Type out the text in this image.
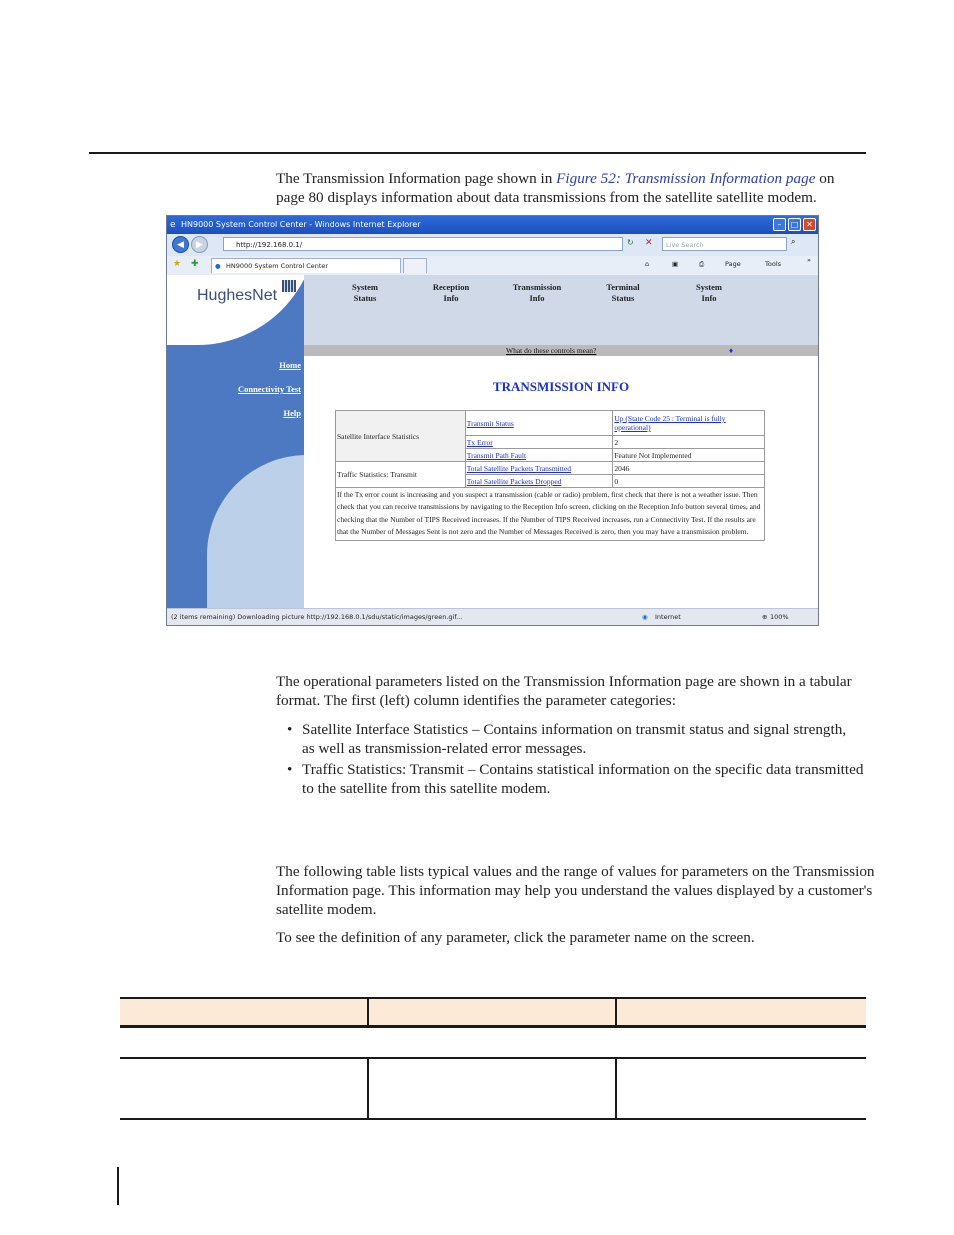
The Transmission Information page shown in Figure 52: Transmission Information page on
page 80 displays information about data transmissions from the satellite satellite modem.
e HN9000 System Control Center - Windows Internet Explorer	–	□ ✕
◀	▶	http://192.168.0.1/	↻ ✕	Live Search	⌕
★ ✚	● HN9000 System Control Center	⌂	▣	⎙	Page	Tools	»
HughesNet	System
Status
Reception
Info
Transmission
Info
Terminal
Status
System
Info
What do these controls mean?	♦
Home
Connectivity Test
Help
TRANSMISSION INFO
Satellite Interface Statistics	Transmit Status	Up (State Code 25 : Terminal is fully operational)
	Tx Error	2
	Transmit Path Fault	Feature Not Implemented
Traffic Statistics: Transmit	Total Satellite Packets Transmitted	2046
	Total Satellite Packets Dropped	0
If the Tx error count is increasing and you suspect a transmission (cable or radio) problem, first check that there is not a weather issue. Then check that you can receive transmissions by navigating to the Reception Info screen, clicking on the Reception Info button several times, and checking that the Number of TIPS Received increases. If the Number of TIPS Received increases, run a Connectivity Test. If the results are that the Number of Messages Sent is not zero and the Number of Messages Received is zero, then you may have a transmission problem.		
(2 items remaining) Downloading picture http://192.168.0.1/sdu/static/images/green.gif...	◉ Internet	⊕ 100%
The operational parameters listed on the Transmission Information page are shown in a tabular
format. The first (left) column identifies the parameter categories:
• Satellite Interface Statistics – Contains information on transmit status and signal strength,
as well as transmission-related error messages.
• Traffic Statistics: Transmit – Contains statistical information on the specific data transmitted
to the satellite from this satellite modem.
The following table lists typical values and the range of values for parameters on the Transmission
Information page. This information may help you understand the values displayed by a customer's
satellite modem.
To see the definition of any parameter, click the parameter name on the screen.
